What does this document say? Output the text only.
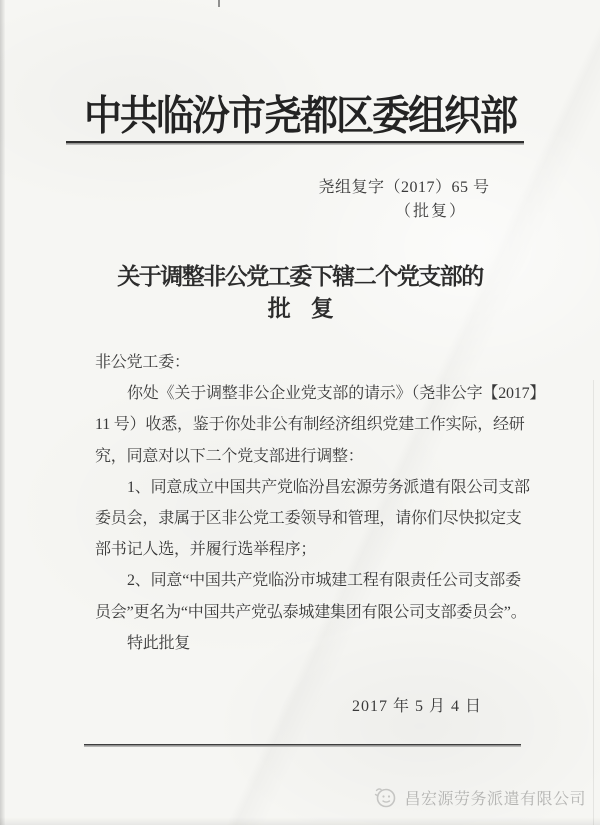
中共临汾市尧都区委组织部
尧组复字（2017）65 号
（批复）
关于调整非公党工委下辖二个党支部的
批　复
非公党工委：
你处《关于调整非公企业党支部的请示》（尧非公字【2017】
11 号）收悉，鉴于你处非公有制经济组织党建工作实际，经研
究，同意对以下二个党支部进行调整：
1、同意成立中国共产党临汾昌宏源劳务派遣有限公司支部
委员会，隶属于区非公党工委领导和管理，请你们尽快拟定支
部书记人选，并履行选举程序；
2、同意“中国共产党临汾市城建工程有限责任公司支部委
员会”更名为“中国共产党弘泰城建集团有限公司支部委员会”。
特此批复
2017 年 5 月 4 日
昌宏源劳务派遣有限公司
